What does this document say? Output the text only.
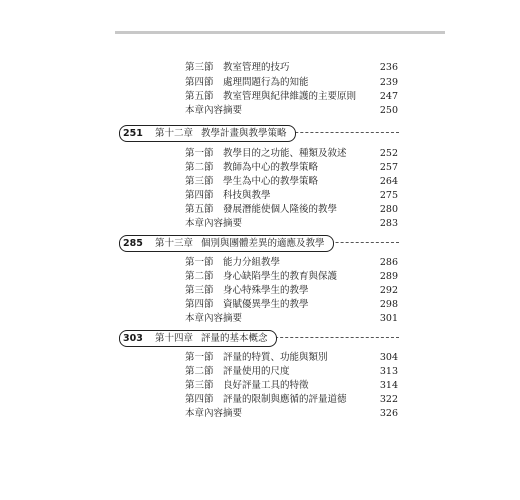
第三節 教室管理的技巧	236
第四節 處理問題行為的知能	239
第五節 教室管理與紀律維護的主要原則	247
本章內容摘要	250
251 第十二章 教學計畫與教學策略
第一節 教學目的之功能、種類及敘述	252
第二節 教師為中心的教學策略	257
第三節 學生為中心的教學策略	264
第四節 科技與教學	275
第五節 發展潛能使個人隆後的教學	280
本章內容摘要	283
285 第十三章 個別與團體差異的適應及教學
第一節 能力分組教學	286
第二節 身心缺陷學生的教育與保護	289
第三節 身心特殊學生的教學	292
第四節 資賦優異學生的教學	298
本章內容摘要	301
303 第十四章 評量的基本概念
第一節 評量的特質、功能與類別	304
第二節 評量使用的尺度	313
第三節 良好評量工具的特徵	314
第四節 評量的限制與應循的評量道德	322
本章內容摘要	326
